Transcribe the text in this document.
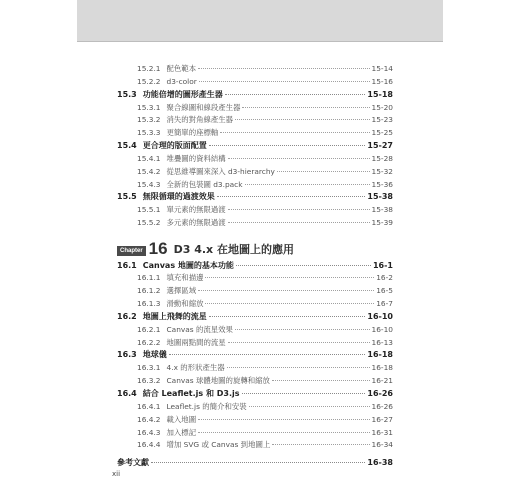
Chapter 16 D3 4.x 在地圖上的應用
15.2.1 配色範本	15-14
15.2.2 d3-color	15-16
15.3 功能倍增的圖形產生器	15-18
15.3.1 聚合線圖和線段產生器	15-20
15.3.2 消失的對角線產生器	15-23
15.3.3 更簡單的座標軸	15-25
15.4 更合理的版面配置	15-27
15.4.1 堆疊圖的資料結構	15-28
15.4.2 從思維導圖來深入 d3-hierarchy	15-32
15.4.3 全新的包裝圖 d3.pack	15-36
15.5 無限循環的過渡效果	15-38
15.5.1 單元素的無限過渡	15-38
15.5.2 多元素的無限過渡	15-39
16.1 Canvas 地圖的基本功能	16-1
16.1.1 填充和描邊	16-2
16.1.2 選擇區域	16-5
16.1.3 滑動和縮放	16-7
16.2 地圖上飛舞的流星	16-10
16.2.1 Canvas 的流星效果	16-10
16.2.2 地圖兩點間的流星	16-13
16.3 地球儀	16-18
16.3.1 4.x 的形狀產生器	16-18
16.3.2 Canvas 球體地圖的旋轉和縮放	16-21
16.4 結合 Leaflet.js 和 D3.js	16-26
16.4.1 Leaflet.js 的簡介和安裝	16-26
16.4.2 載入地圖	16-27
16.4.3 加入標記	16-31
16.4.4 增加 SVG 或 Canvas 到地圖上	16-34
參考文獻	16-38
xii
